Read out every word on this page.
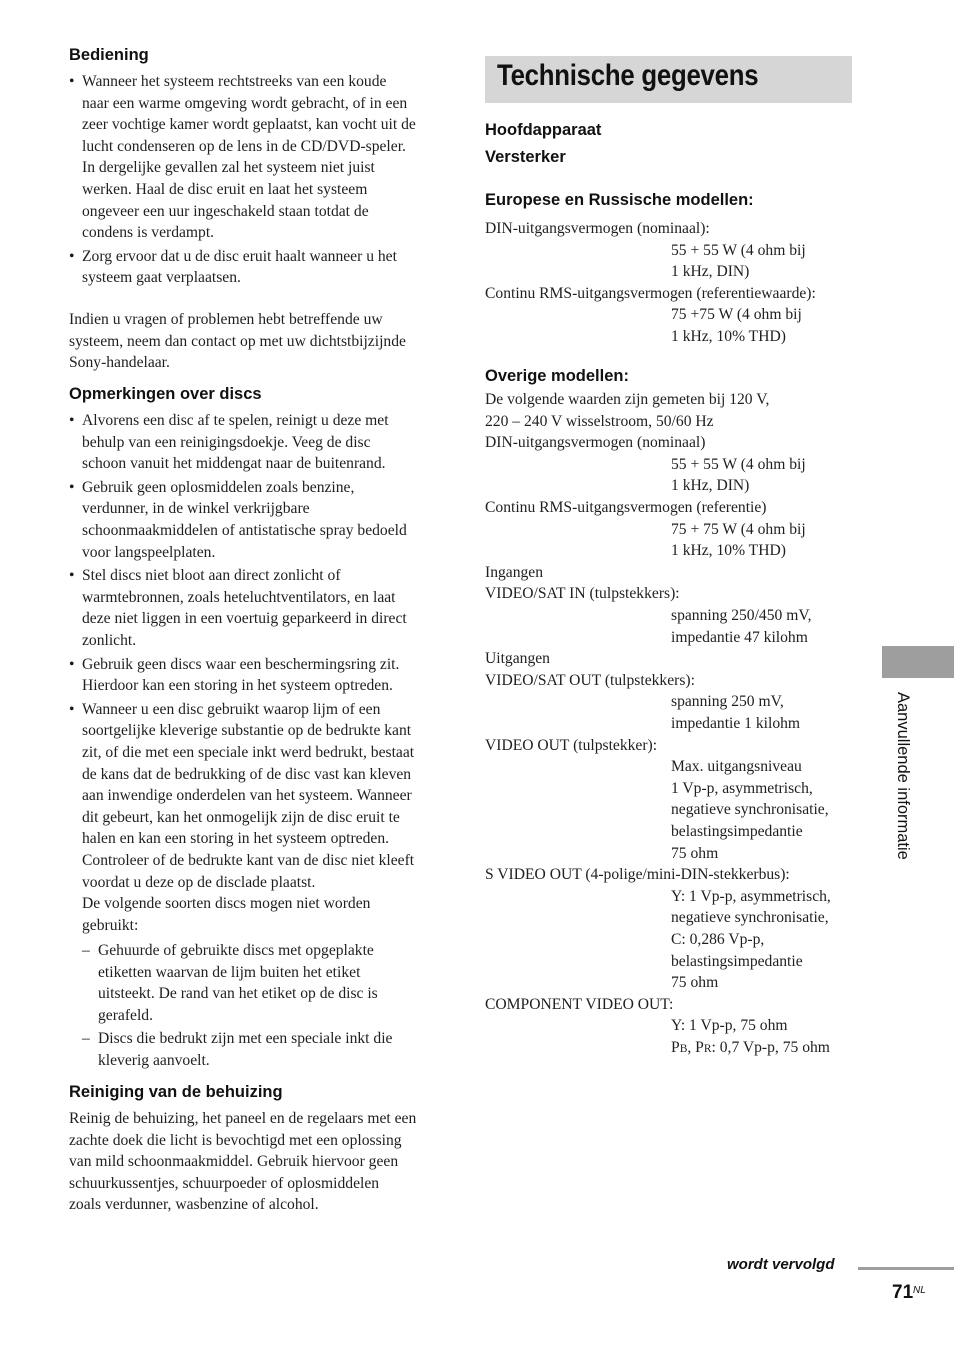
Bediening
• Wanneer het systeem rechtstreeks van een koude
naar een warme omgeving wordt gebracht, of in een
zeer vochtige kamer wordt geplaatst, kan vocht uit de
lucht condenseren op de lens in de CD/DVD-speler.
In dergelijke gevallen zal het systeem niet juist
werken. Haal de disc eruit en laat het systeem
ongeveer een uur ingeschakeld staan totdat de
condens is verdampt.
• Zorg ervoor dat u de disc eruit haalt wanneer u het
systeem gaat verplaatsen.
Indien u vragen of problemen hebt betreffende uw
systeem, neem dan contact op met uw dichtstbijzijnde
Sony-handelaar.
Opmerkingen over discs
• Alvorens een disc af te spelen, reinigt u deze met
behulp van een reinigingsdoekje. Veeg de disc
schoon vanuit het middengat naar de buitenrand.
• Gebruik geen oplosmiddelen zoals benzine,
verdunner, in de winkel verkrijgbare
schoonmaakmiddelen of antistatische spray bedoeld
voor langspeelplaten.
• Stel discs niet bloot aan direct zonlicht of
warmtebronnen, zoals heteluchtventilators, en laat
deze niet liggen in een voertuig geparkeerd in direct
zonlicht.
• Gebruik geen discs waar een beschermingsring zit.
Hierdoor kan een storing in het systeem optreden.
• Wanneer u een disc gebruikt waarop lijm of een
soortgelijke kleverige substantie op de bedrukte kant
zit, of die met een speciale inkt werd bedrukt, bestaat
de kans dat de bedrukking of de disc vast kan kleven
aan inwendige onderdelen van het systeem. Wanneer
dit gebeurt, kan het onmogelijk zijn de disc eruit te
halen en kan een storing in het systeem optreden.
Controleer of de bedrukte kant van de disc niet kleeft
voordat u deze op de disclade plaatst.
De volgende soorten discs mogen niet worden
gebruikt:
– Gehuurde of gebruikte discs met opgeplakte
etiketten waarvan de lijm buiten het etiket
uitsteekt. De rand van het etiket op de disc is
gerafeld.
– Discs die bedrukt zijn met een speciale inkt die
kleverig aanvoelt.
Reiniging van de behuizing
Reinig de behuizing, het paneel en de regelaars met een
zachte doek die licht is bevochtigd met een oplossing
van mild schoonmaakmiddel. Gebruik hiervoor geen
schuurkussentjes, schuurpoeder of oplosmiddelen
zoals verdunner, wasbenzine of alcohol.
Technische gegevens
Hoofdapparaat
Versterker
Europese en Russische modellen:
DIN-uitgangsvermogen (nominaal):
55 + 55 W (4 ohm bij
1 kHz, DIN)
Continu RMS-uitgangsvermogen (referentiewaarde):
75 +75 W (4 ohm bij
1 kHz, 10% THD)
Overige modellen:
De volgende waarden zijn gemeten bij 120 V,
220 – 240 V wisselstroom, 50/60 Hz
DIN-uitgangsvermogen (nominaal)
55 + 55 W (4 ohm bij
1 kHz, DIN)
Continu RMS-uitgangsvermogen (referentie)
75 + 75 W (4 ohm bij
1 kHz, 10% THD)
Ingangen
VIDEO/SAT IN (tulpstekkers):
spanning 250/450 mV,
impedantie 47 kilohm
Uitgangen
VIDEO/SAT OUT (tulpstekkers):
spanning 250 mV,
impedantie 1 kilohm
VIDEO OUT (tulpstekker):
Max. uitgangsniveau
1 Vp-p, asymmetrisch,
negatieve synchronisatie,
belastingsimpedantie
75 ohm
S VIDEO OUT (4-polige/mini-DIN-stekkerbus):
Y: 1 Vp-p, asymmetrisch,
negatieve synchronisatie,
C: 0,286 Vp-p,
belastingsimpedantie
75 ohm
COMPONENT VIDEO OUT:
Y: 1 Vp-p, 75 ohm
PB, PR: 0,7 Vp-p, 75 ohm
Aanvullende informatie
wordt vervolgd
71 NL
